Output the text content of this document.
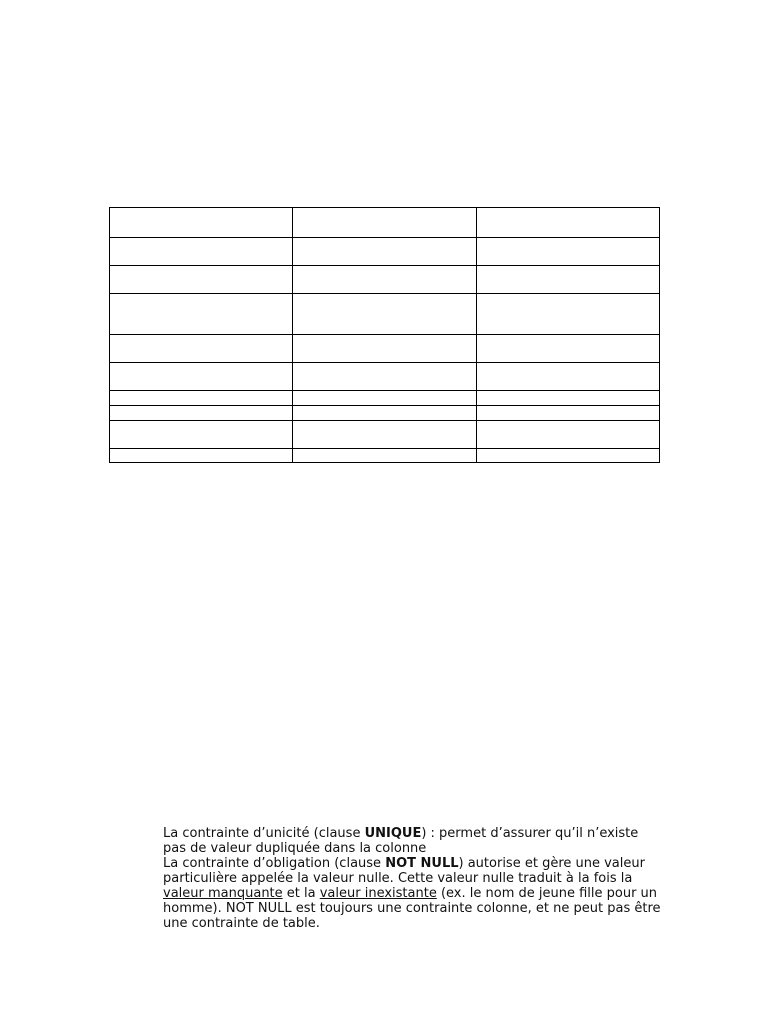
La contrainte d’unicité (clause UNIQUE) : permet d’assurer qu’il n’existe pas de valeur dupliquée dans la colonne

La contrainte d’obligation (clause NOT NULL) autorise et gère une valeur particulière appelée la valeur nulle. Cette valeur nulle traduit à la fois la valeur manquante et la valeur inexistante (ex. le nom de jeune fille pour un homme). NOT NULL est toujours une contrainte colonne, et ne peut pas être une contrainte de table.
